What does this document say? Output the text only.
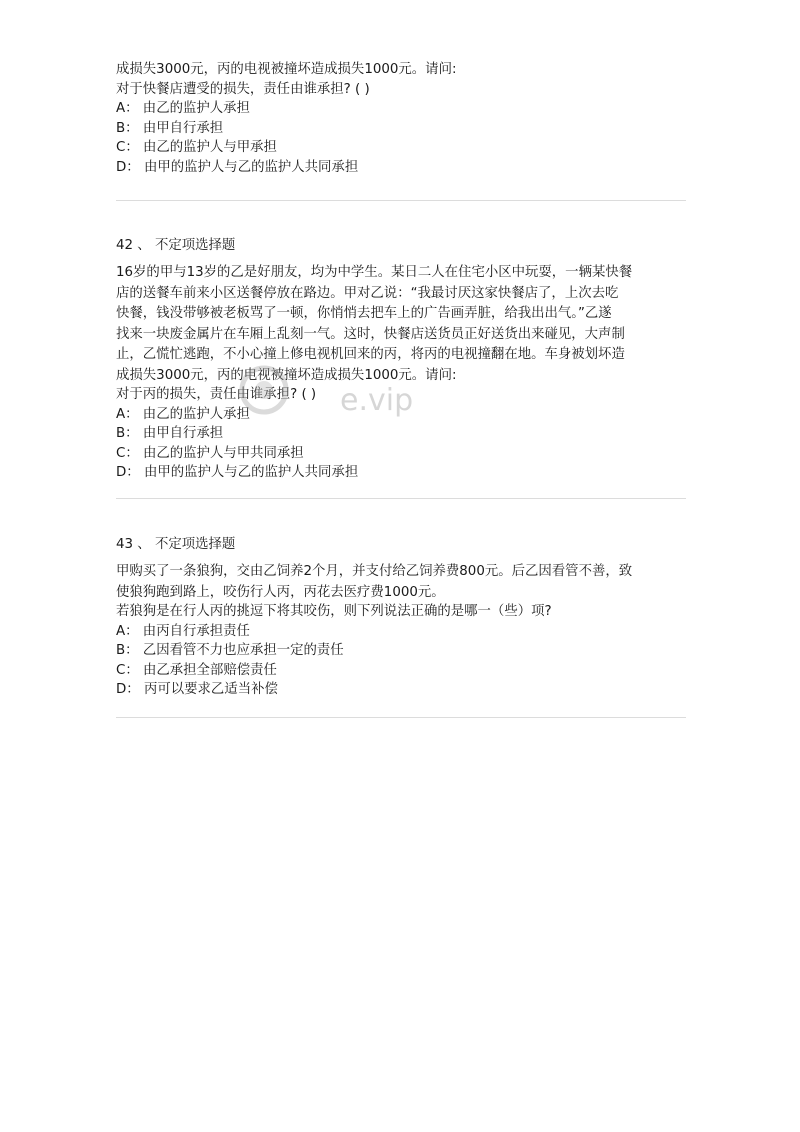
成损失3000元，丙的电视被撞坏造成损失1000元。请问:
对于快餐店遭受的损失，责任由谁承担? ( )
A： 由乙的监护人承担
B： 由甲自行承担
C： 由乙的监护人与甲承担
D： 由甲的监护人与乙的监护人共同承担
42 、 不定项选择题
16岁的甲与13岁的乙是好朋友，均为中学生。某日二人在住宅小区中玩耍，一辆某快餐
店的送餐车前来小区送餐停放在路边。甲对乙说：“我最讨厌这家快餐店了，上次去吃
快餐，钱没带够被老板骂了一顿，你悄悄去把车上的广告画弄脏，给我出出气。”乙遂
找来一块废金属片在车厢上乱刻一气。这时，快餐店送货员正好送货出来碰见，大声制
止，乙慌忙逃跑，不小心撞上修电视机回来的丙，将丙的电视撞翻在地。车身被划坏造
成损失3000元，丙的电视被撞坏造成损失1000元。请问:
对于丙的损失，责任由谁承担? ( )
A： 由乙的监护人承担
B： 由甲自行承担
C： 由乙的监护人与甲共同承担
D： 由甲的监护人与乙的监护人共同承担
43 、 不定项选择题
甲购买了一条狼狗，交由乙饲养2个月，并支付给乙饲养费800元。后乙因看管不善，致
使狼狗跑到路上，咬伤行人丙，丙花去医疗费1000元。
若狼狗是在行人丙的挑逗下将其咬伤，则下列说法正确的是哪一（些）项?
A： 由丙自行承担责任
B： 乙因看管不力也应承担一定的责任
C： 由乙承担全部赔偿责任
D： 丙可以要求乙适当补偿
e.vip
